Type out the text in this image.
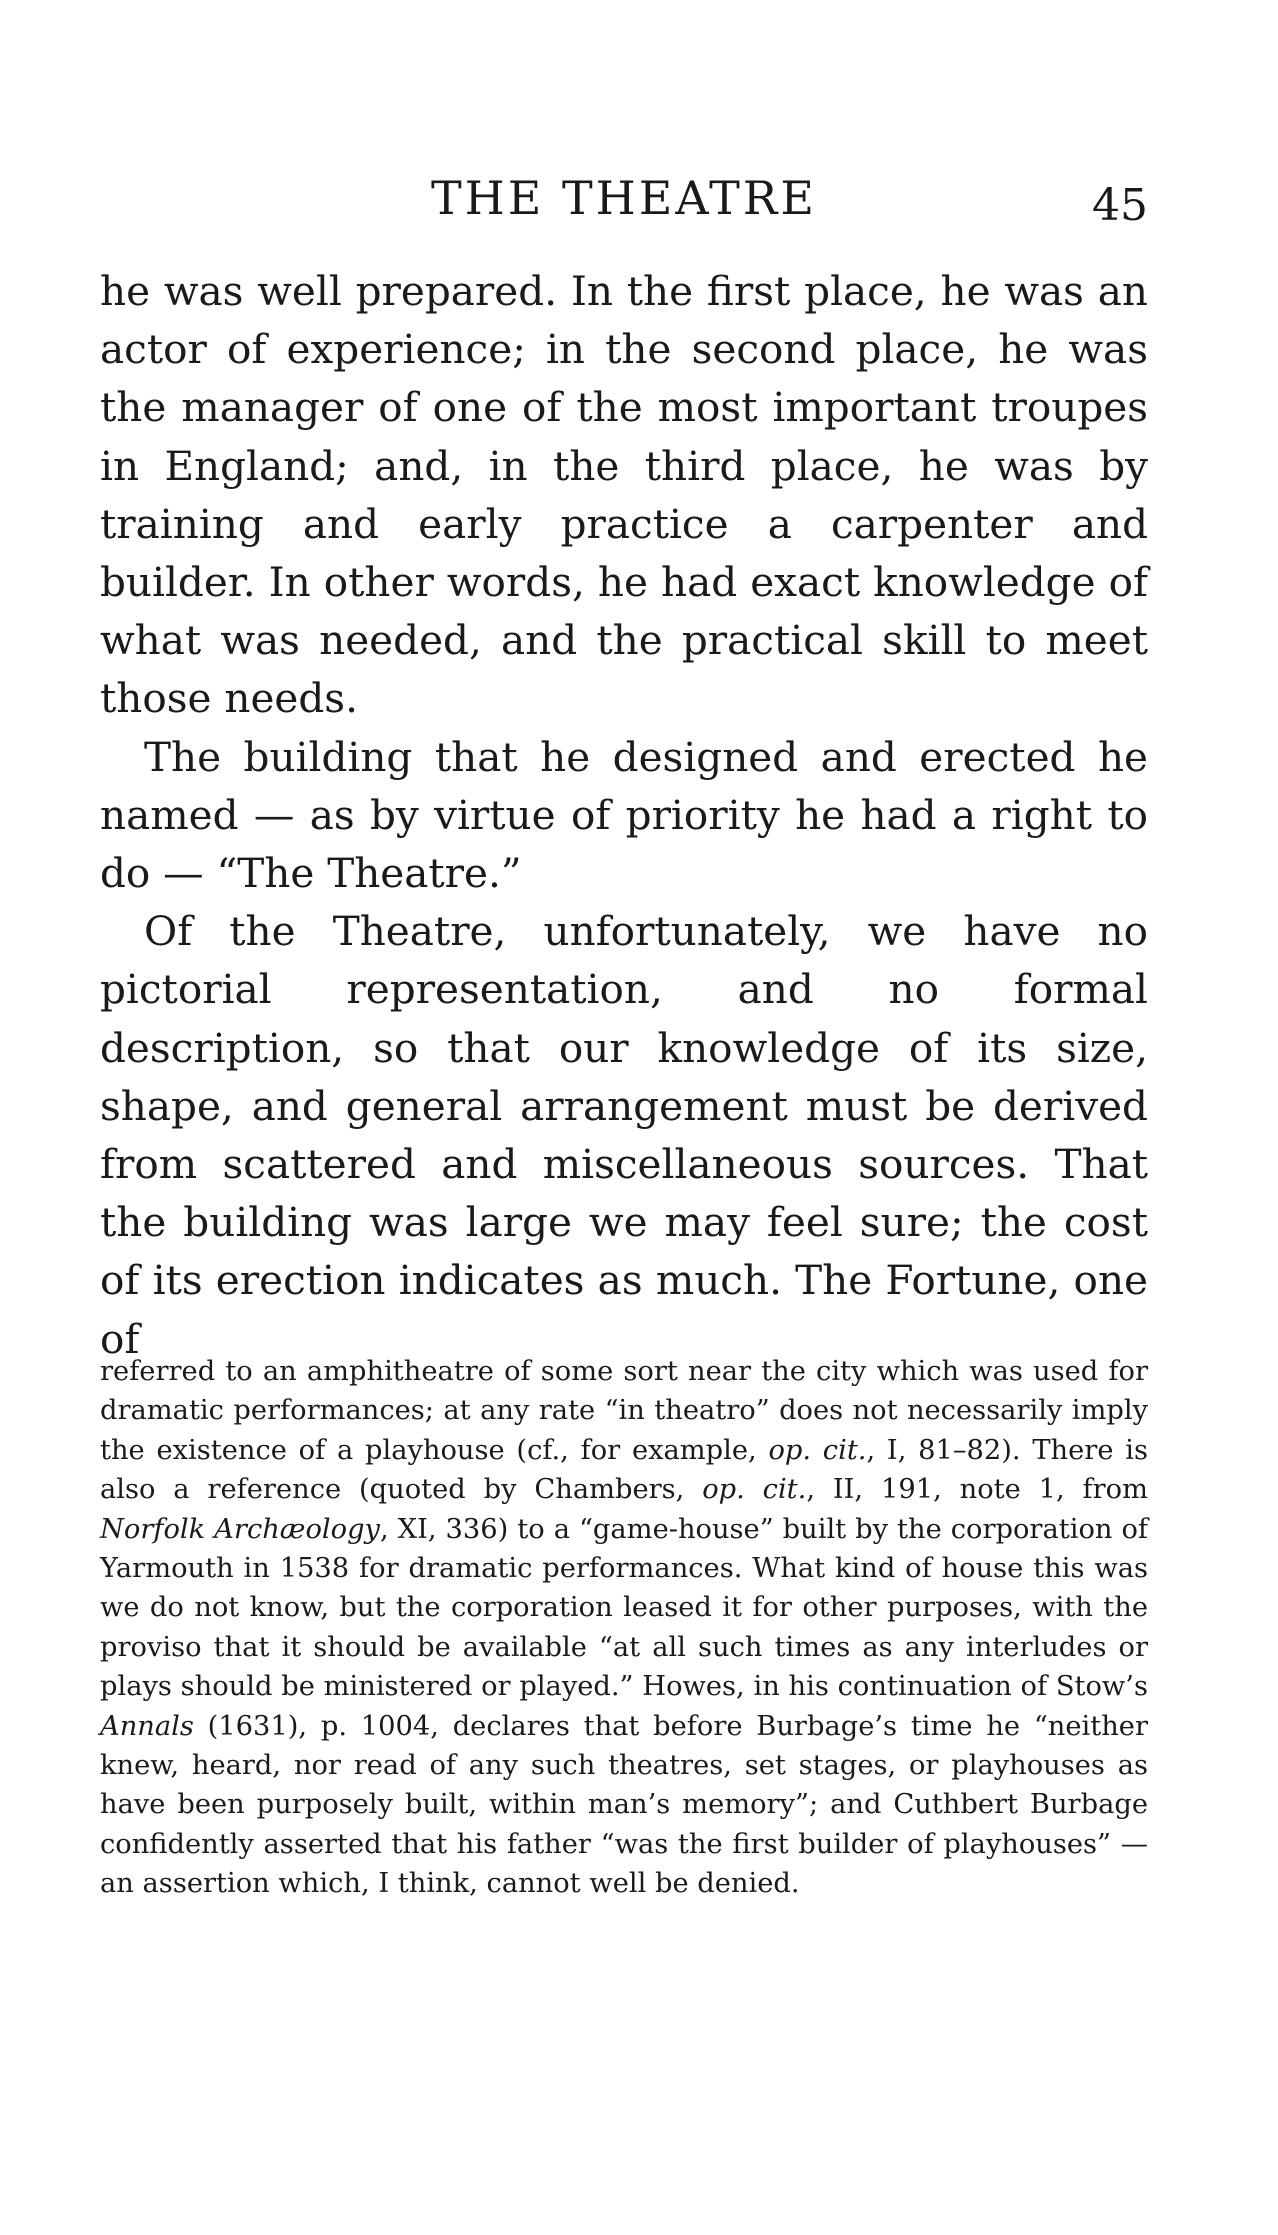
THE THEATRE	45

he was well prepared. In the first place, he was an actor of experience; in the second place, he was the manager of one of the most important troupes in England; and, in the third place, he was by training and early practice a carpenter and builder. In other words, he had exact knowledge of what was needed, and the practical skill to meet those needs.

The building that he designed and erected he named — as by virtue of priority he had a right to do — “The Theatre.”

Of the Theatre, unfortunately, we have no pictorial representation, and no formal description, so that our knowledge of its size, shape, and general arrangement must be derived from scattered and miscellaneous sources. That the building was large we may feel sure; the cost of its erection indicates as much. The Fortune, one of

referred to an amphitheatre of some sort near the city which was used for dramatic performances; at any rate “in theatro” does not necessarily imply the existence of a playhouse (cf., for example, op. cit., I, 81–82). There is also a reference (quoted by Chambers, op. cit., II, 191, note 1, from Norfolk Archæology, XI, 336) to a “game-house” built by the corporation of Yarmouth in 1538 for dramatic performances. What kind of house this was we do not know, but the corporation leased it for other purposes, with the proviso that it should be available “at all such times as any interludes or plays should be ministered or played.” Howes, in his continuation of Stow’s Annals (1631), p. 1004, declares that before Burbage’s time he “neither knew, heard, nor read of any such theatres, set stages, or playhouses as have been purposely built, within man’s memory”; and Cuthbert Burbage confidently asserted that his father “was the first builder of playhouses” — an assertion which, I think, cannot well be denied.
